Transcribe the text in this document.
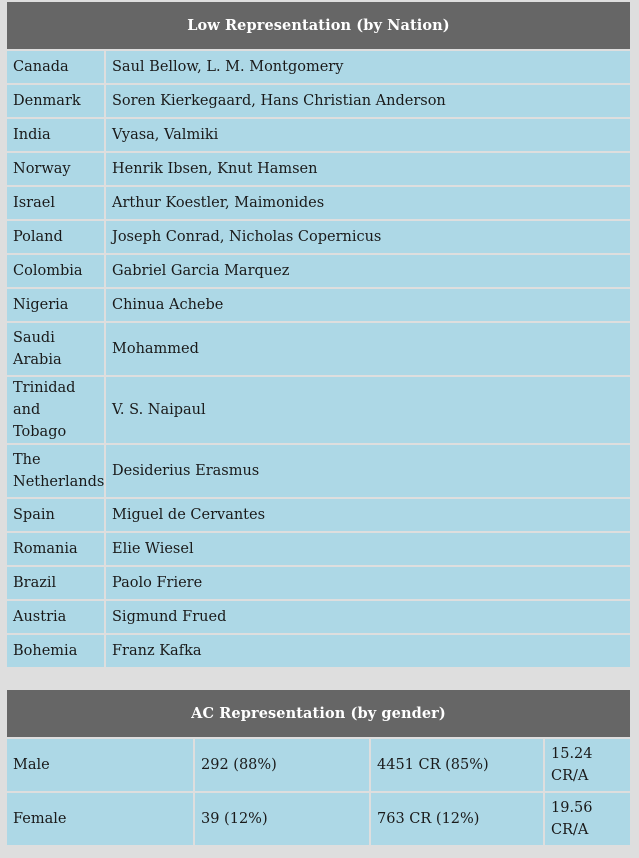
Low Representation (by Nation)	
Canada	Saul Bellow, L. M. Montgomery
Denmark	Soren Kierkegaard, Hans Christian Anderson
India	Vyasa, Valmiki
Norway	Henrik Ibsen, Knut Hamsen
Israel	Arthur Koestler, Maimonides
Poland	Joseph Conrad, Nicholas Copernicus
Colombia	Gabriel Garcia Marquez
Nigeria	Chinua Achebe
Saudi Arabia	Mohammed
Trinidad and Tobago	V. S. Naipaul
The Netherlands	Desiderius Erasmus
Spain	Miguel de Cervantes
Romania	Elie Wiesel
Brazil	Paolo Friere
Austria	Sigmund Frued
Bohemia	Franz Kafka
AC Representation (by gender)			
Male	292 (88%)	4451 CR (85%)	15.24 CR/A
Female	39 (12%)	763 CR (12%)	19.56 CR/A
